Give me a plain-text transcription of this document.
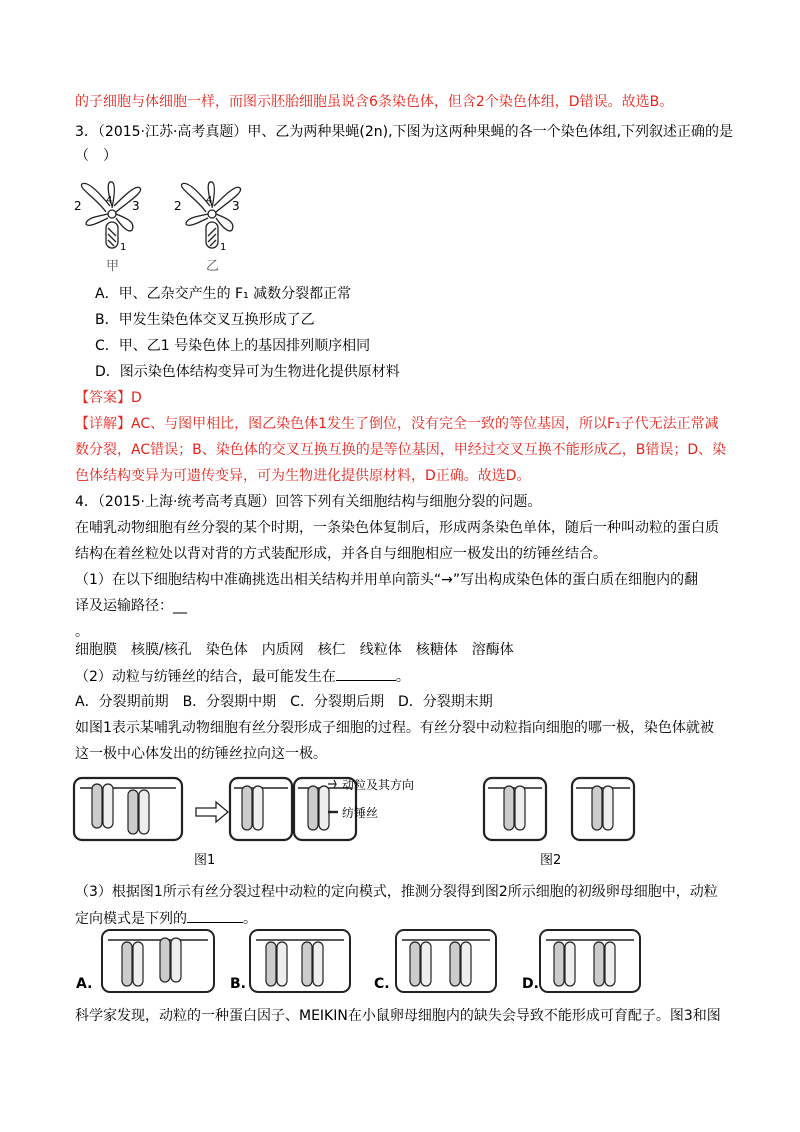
的子细胞与体细胞一样，而图示胚胎细胞虽说含6条染色体，但含2个染色体组，D错误。故选B。
3．（2015·江苏·高考真题）甲、乙为两种果蝇(2n),下图为这两种果蝇的各一个染色体组,下列叙述正确的是
（　）
2 4 3
1
甲
2 4 3
1
乙
A．甲、乙杂交产生的 F₁ 减数分裂都正常
B．甲发生染色体交叉互换形成了乙
C．甲、乙1 号染色体上的基因排列顺序相同
D．图示染色体结构变异可为生物进化提供原材料
【答案】D
【详解】AC、与图甲相比，图乙染色体1发生了倒位，没有完全一致的等位基因，所以F₁子代无法正常减
数分裂，AC错误；B、染色体的交叉互换互换的是等位基因，甲经过交叉互换不能形成乙，B错误；D、染
色体结构变异为可遗传变异，可为生物进化提供原材料，D正确。故选D。
4．（2015·上海·统考高考真题）回答下列有关细胞结构与细胞分裂的问题。
在哺乳动物细胞有丝分裂的某个时期，一条染色体复制后，形成两条染色单体，随后一种叫动粒的蛋白质
结构在着丝粒处以背对背的方式装配形成，并各自与细胞相应一极发出的纺锤丝结合。
（1）在以下细胞结构中准确挑选出相关结构并用单向箭头“→”写出构成染色体的蛋白质在细胞内的翻
译及运输路径：__
。
细胞膜　核膜/核孔　染色体　内质网　核仁　线粒体　核糖体　溶酶体
（2）动粒与纺锤丝的结合，最可能发生在	。
A．分裂期前期　B．分裂期中期　C．分裂期后期　D．分裂期末期
如图1表示某哺乳动物细胞有丝分裂形成子细胞的过程。有丝分裂中动粒指向细胞的哪一极，染色体就被
这一极中心体发出的纺锤丝拉向这一极。
动粒及其方向
纺锤丝
图1	图2
（3）根据图1所示有丝分裂过程中动粒的定向模式，推测分裂得到图2所示细胞的初级卵母细胞中，动粒
定向模式是下列的	。
A.	B.	C.	D.
科学家发现，动粒的一种蛋白因子、MEIKIN在小鼠卵母细胞内的缺失会导致不能形成可育配子。图3和图
